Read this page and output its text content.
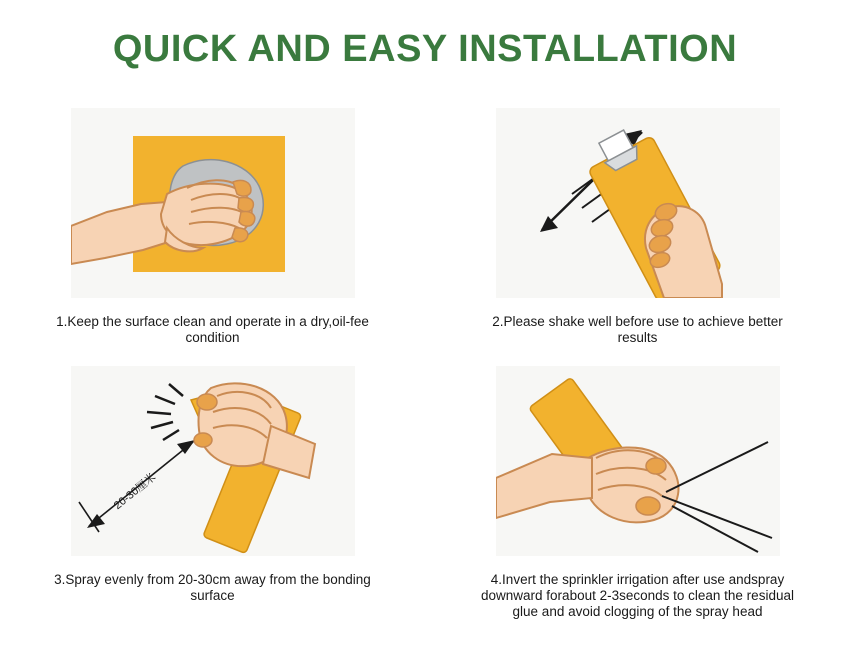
QUICK AND EASY INSTALLATION
1.Keep the surface clean and operate in a dry,oil-fee condition
2.Please shake well before use to achieve better results
20-30厘米
3.Spray evenly from 20-30cm away from the bonding surface
4.Invert the sprinkler irrigation after use andspray downward forabout 2-3seconds to clean the residual glue and avoid clogging of the spray head
